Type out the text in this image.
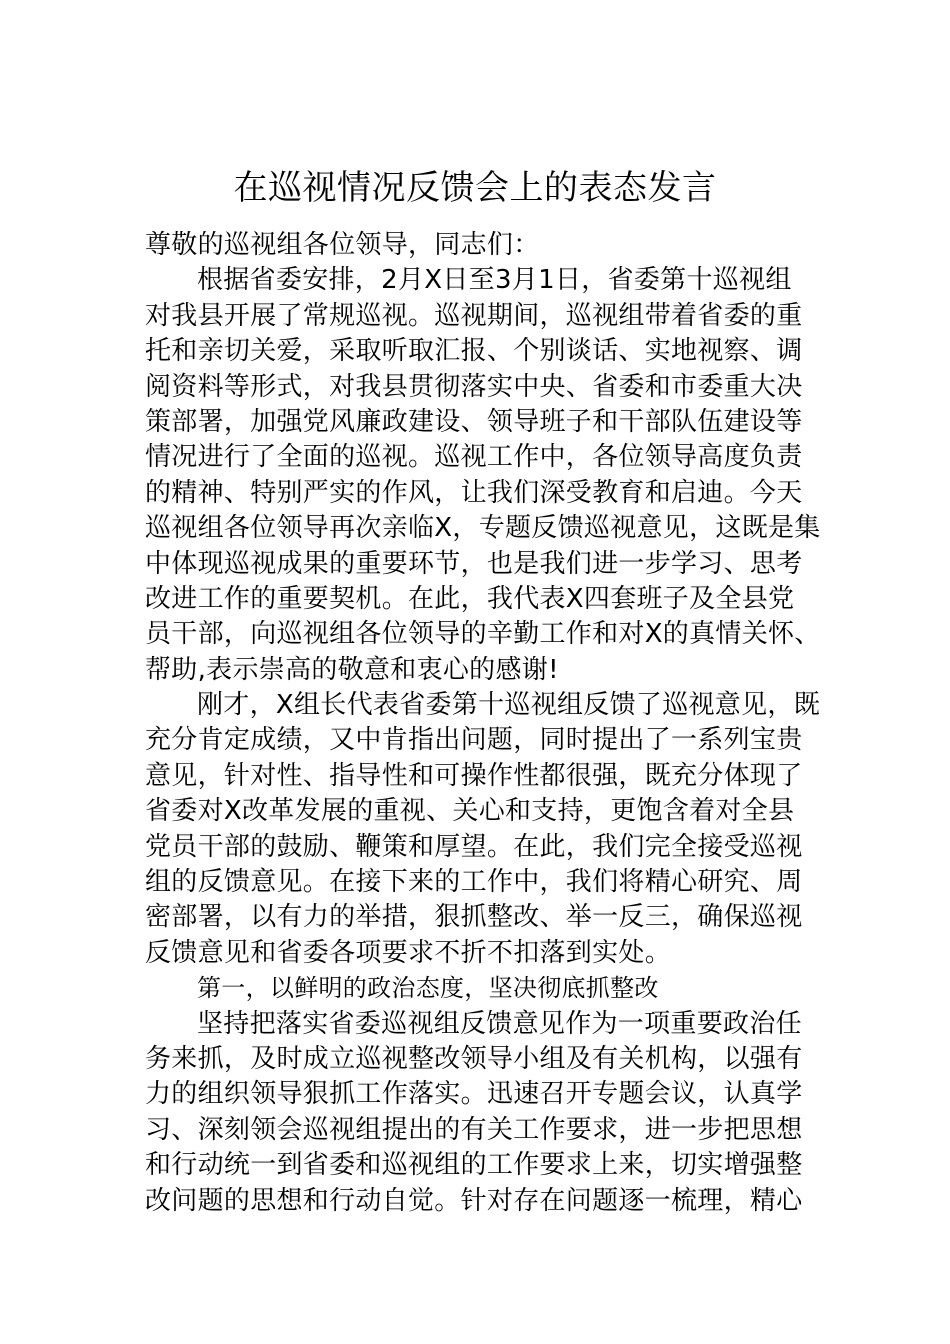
在巡视情况反馈会上的表态发言
尊敬的巡视组各位领导，同志们：
根据省委安排，2月X日至3月1日，省委第十巡视组
对我县开展了常规巡视。巡视期间，巡视组带着省委的重
托和亲切关爱，采取听取汇报、个别谈话、实地视察、调
阅资料等形式，对我县贯彻落实中央、省委和市委重大决
策部署，加强党风廉政建设、领导班子和干部队伍建设等
情况进行了全面的巡视。巡视工作中，各位领导高度负责
的精神、特别严实的作风，让我们深受教育和启迪。今天
巡视组各位领导再次亲临X，专题反馈巡视意见，这既是集
中体现巡视成果的重要环节，也是我们进一步学习、思考
改进工作的重要契机。在此，我代表X四套班子及全县党
员干部，向巡视组各位领导的辛勤工作和对X的真情关怀、
帮助,表示崇高的敬意和衷心的感谢!
刚才，X组长代表省委第十巡视组反馈了巡视意见，既
充分肯定成绩，又中肯指出问题，同时提出了一系列宝贵
意见，针对性、指导性和可操作性都很强，既充分体现了
省委对X改革发展的重视、关心和支持，更饱含着对全县
党员干部的鼓励、鞭策和厚望。在此，我们完全接受巡视
组的反馈意见。在接下来的工作中，我们将精心研究、周
密部署，以有力的举措，狠抓整改、举一反三，确保巡视
反馈意见和省委各项要求不折不扣落到实处。
第一，以鲜明的政治态度，坚决彻底抓整改
坚持把落实省委巡视组反馈意见作为一项重要政治任
务来抓，及时成立巡视整改领导小组及有关机构，以强有
力的组织领导狠抓工作落实。迅速召开专题会议，认真学
习、深刻领会巡视组提出的有关工作要求，进一步把思想
和行动统一到省委和巡视组的工作要求上来，切实增强整
改问题的思想和行动自觉。针对存在问题逐一梳理，精心
